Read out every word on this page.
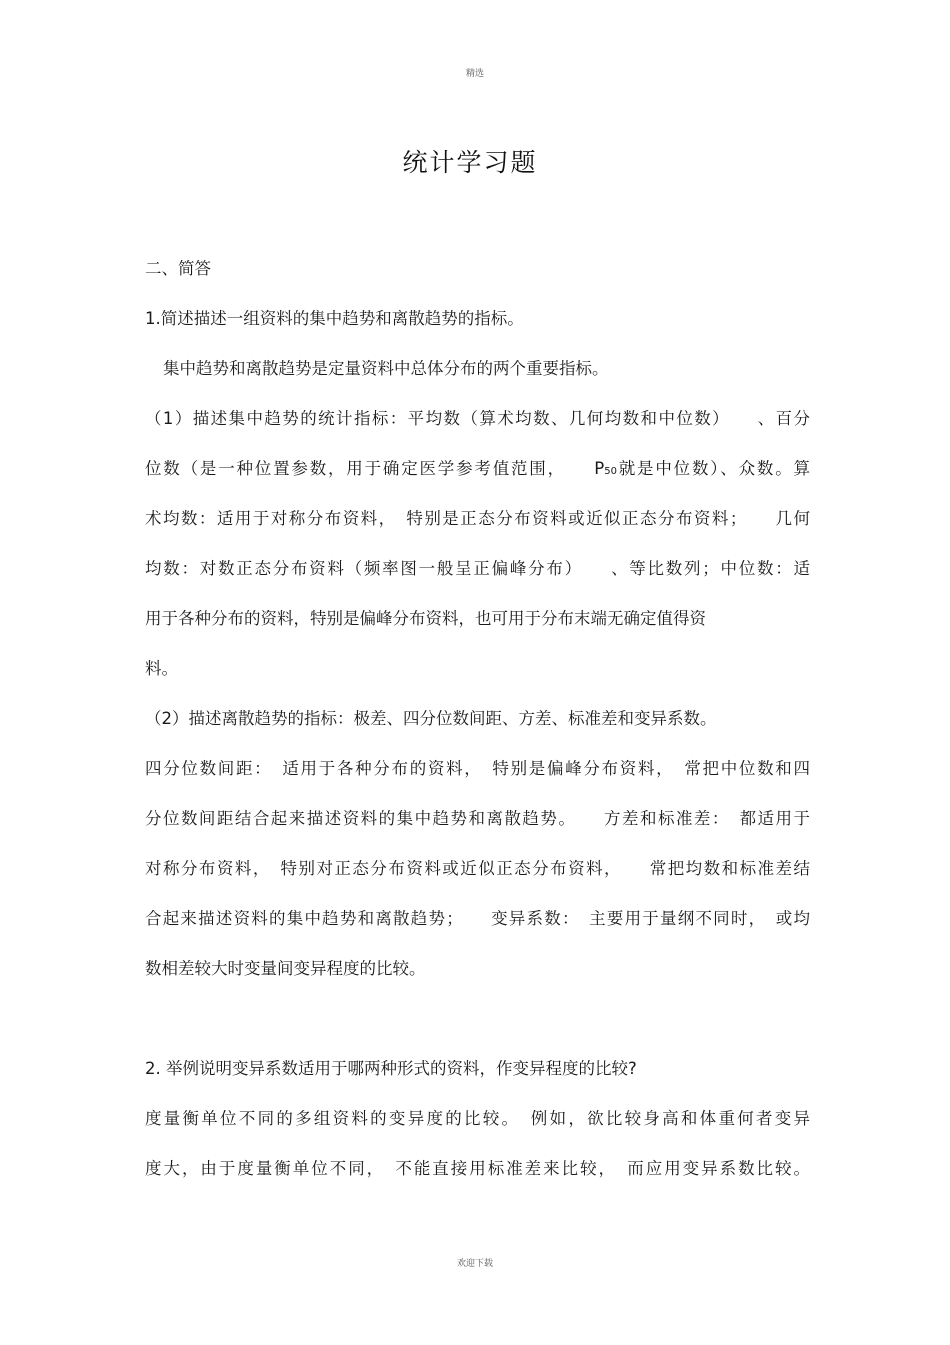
精选
统计学习题
二、简答
1.简述描述一组资料的集中趋势和离散趋势的指标。
集中趋势和离散趋势是定量资料中总体分布的两个重要指标。
（1）描述集中趋势的统计指标：平均数（算术均数、几何均数和中位数）　　、百分
位数（是一种位置参数，用于确定医学参考值范围，　　P50就是中位数）、众数。算
术均数：适用于对称分布资料，　特别是正态分布资料或近似正态分布资料；　　几何
均数：对数正态分布资料（频率图一般呈正偏峰分布）　　、等比数列；中位数：适
用于各种分布的资料，特别是偏峰分布资料，也可用于分布末端无确定值得资
料。
（2）描述离散趋势的指标：极差、四分位数间距、方差、标准差和变异系数。
四分位数间距：　适用于各种分布的资料，　特别是偏峰分布资料，　常把中位数和四
分位数间距结合起来描述资料的集中趋势和离散趋势。　　方差和标准差：　都适用于
对称分布资料，　特别对正态分布资料或近似正态分布资料，　　常把均数和标准差结
合起来描述资料的集中趋势和离散趋势；　　变异系数：　主要用于量纲不同时，　或均
数相差较大时变量间变异程度的比较。
2. 举例说明变异系数适用于哪两种形式的资料，作变异程度的比较?
度量衡单位不同的多组资料的变异度的比较。　例如，欲比较身高和体重何者变异
度大，由于度量衡单位不同，　不能直接用标准差来比较，　而应用变异系数比较。
欢迎下载
